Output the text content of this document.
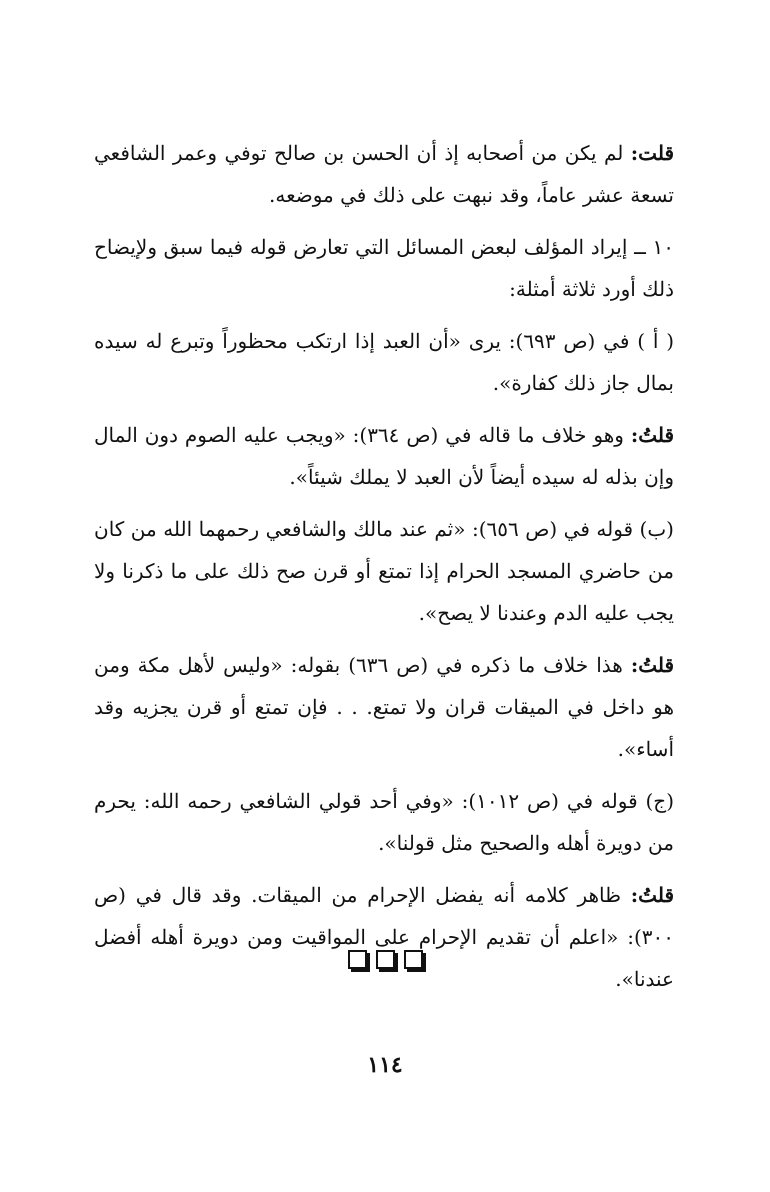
قلت: لم يكن من أصحابه إذ أن الحسن بن صالح توفي وعمر الشافعي تسعة عشر عاماً، وقد نبهت على ذلك في موضعه.

١٠ ــ إيراد المؤلف لبعض المسائل التي تعارض قوله فيما سبق ولإيضاح ذلك أورد ثلاثة أمثلة:

( أ ) في (ص ٦٩٣): يرى «أن العبد إذا ارتكب محظوراً وتبرع له سيده بمال جاز ذلك كفارة».

قلتُ: وهو خلاف ما قاله في (ص ٣٦٤): «ويجب عليه الصوم دون المال وإن بذله له سيده أيضاً لأن العبد لا يملك شيئاً».

(ب) قوله في (ص ٦٥٦): «ثم عند مالك والشافعي رحمهما الله من كان من حاضري المسجد الحرام إذا تمتع أو قرن صح ذلك على ما ذكرنا ولا يجب عليه الدم وعندنا لا يصح».

قلتُ: هذا خلاف ما ذكره في (ص ٦٣٦) بقوله: «وليس لأهل مكة ومن هو داخل في الميقات قران ولا تمتع. . . فإن تمتع أو قرن يجزيه وقد أساء».

(ج) قوله في (ص ١٠١٢): «وفي أحد قولي الشافعي رحمه الله: يحرم من دويرة أهله والصحيح مثل قولنا».

قلتُ: ظاهر كلامه أنه يفضل الإحرام من الميقات. وقد قال في (ص ٣٠٠): «اعلم أن تقديم الإحرام على المواقيت ومن دويرة أهله أفضل عندنا».

١١٤
